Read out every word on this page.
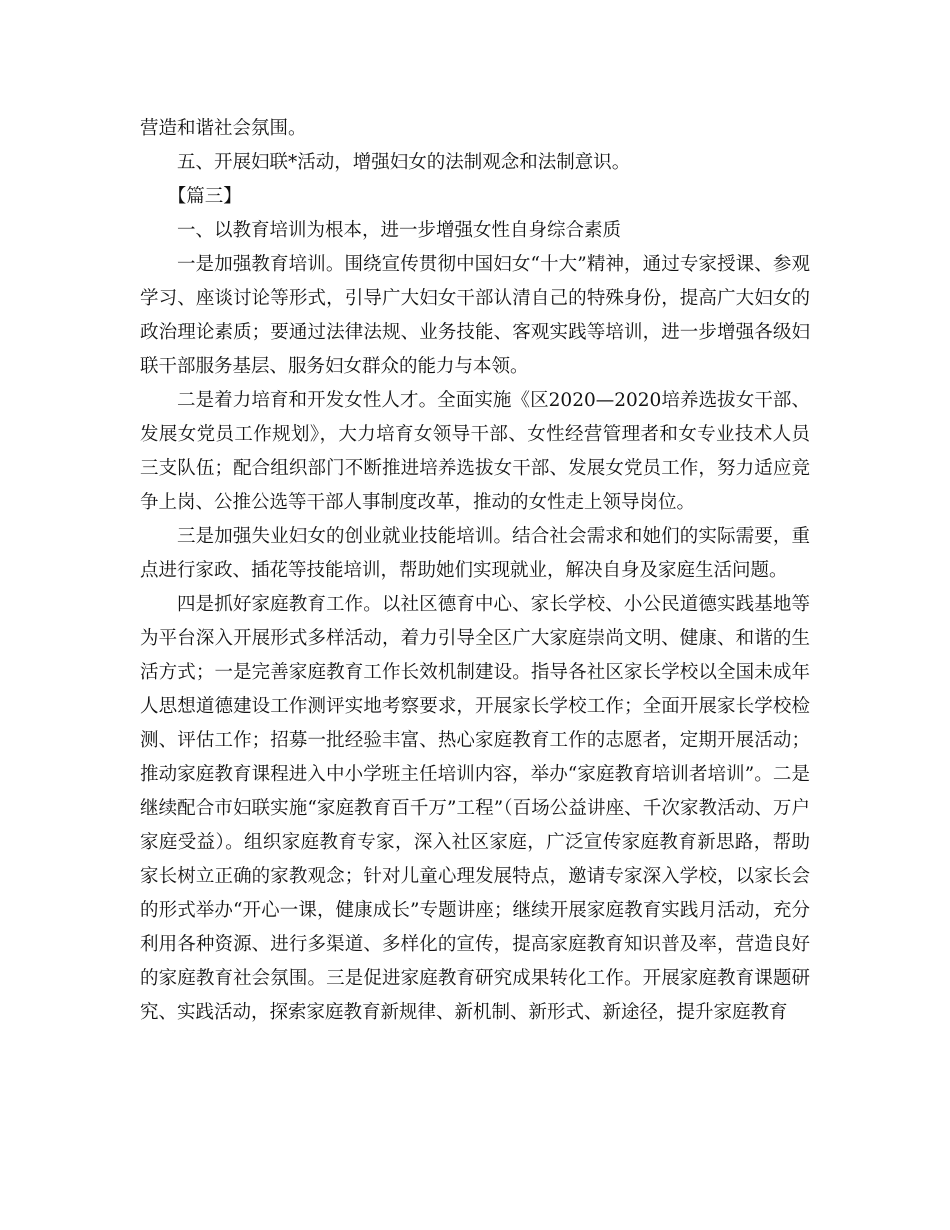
营造和谐社会氛围。

五、开展妇联*活动，增强妇女的法制观念和法制意识。

【篇三】

一、以教育培训为根本，进一步增强女性自身综合素质

一是加强教育培训。围绕宣传贯彻中国妇女“十大”精神，通过专家授课、参观学习、座谈讨论等形式，引导广大妇女干部认清自己的特殊身份，提高广大妇女的政治理论素质；要通过法律法规、业务技能、客观实践等培训，进一步增强各级妇联干部服务基层、服务妇女群众的能力与本领。

二是着力培育和开发女性人才。全面实施《区2020—2020培养选拔女干部、发展女党员工作规划》，大力培育女领导干部、女性经营管理者和女专业技术人员三支队伍；配合组织部门不断推进培养选拔女干部、发展女党员工作，努力适应竞争上岗、公推公选等干部人事制度改革，推动的女性走上领导岗位。

三是加强失业妇女的创业就业技能培训。结合社会需求和她们的实际需要，重点进行家政、插花等技能培训，帮助她们实现就业，解决自身及家庭生活问题。

四是抓好家庭教育工作。以社区德育中心、家长学校、小公民道德实践基地等为平台深入开展形式多样活动，着力引导全区广大家庭崇尚文明、健康、和谐的生活方式；一是完善家庭教育工作长效机制建设。指导各社区家长学校以全国未成年人思想道德建设工作测评实地考察要求，开展家长学校工作；全面开展家长学校检测、评估工作；招募一批经验丰富、热心家庭教育工作的志愿者，定期开展活动；推动家庭教育课程进入中小学班主任培训内容，举办“家庭教育培训者培训”。二是继续配合市妇联实施“家庭教育百千万”工程”（百场公益讲座、千次家教活动、万户家庭受益）。组织家庭教育专家，深入社区家庭，广泛宣传家庭教育新思路，帮助家长树立正确的家教观念；针对儿童心理发展特点，邀请专家深入学校，以家长会的形式举办“开心一课，健康成长”专题讲座；继续开展家庭教育实践月活动，充分利用各种资源、进行多渠道、多样化的宣传，提高家庭教育知识普及率，营造良好的家庭教育社会氛围。三是促进家庭教育研究成果转化工作。开展家庭教育课题研究、实践活动，探索家庭教育新规律、新机制、新形式、新途径，提升家庭教育
